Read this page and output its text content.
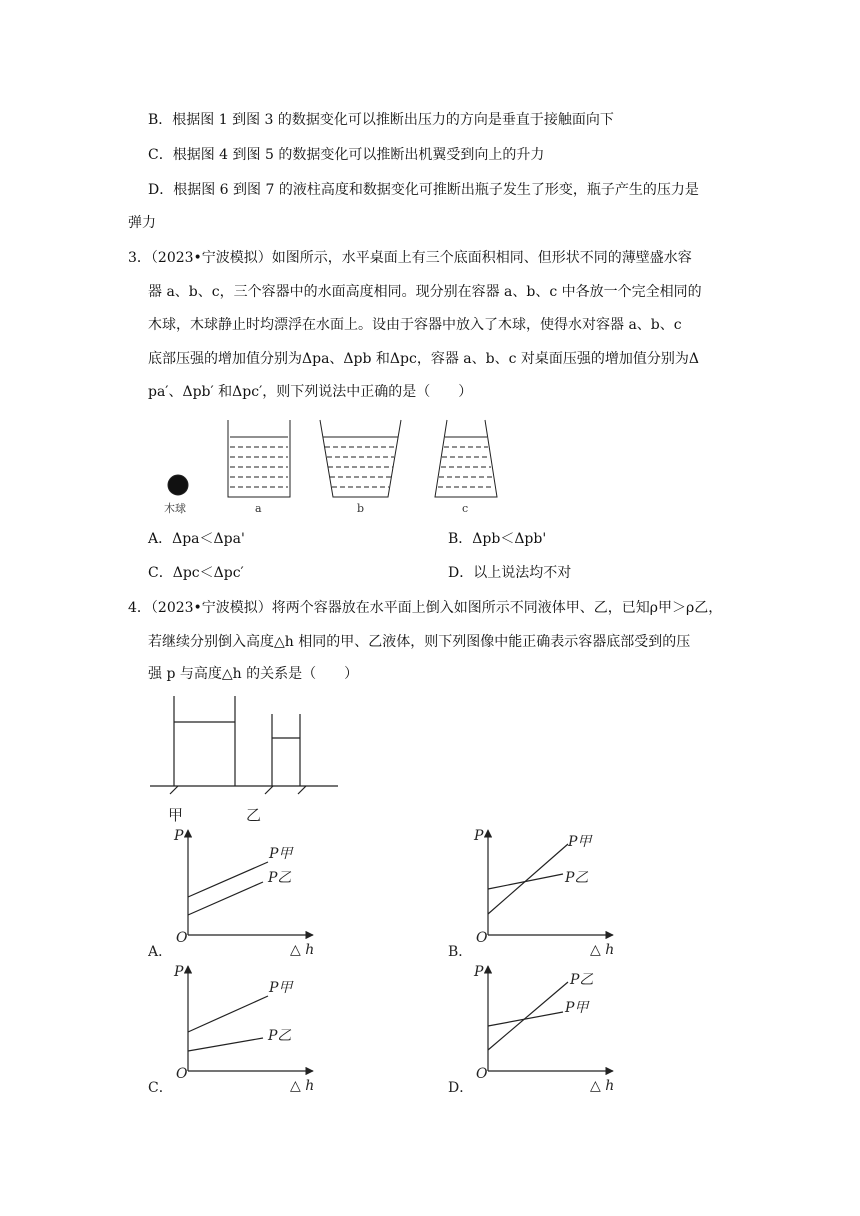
B．根据图 1 到图 3 的数据变化可以推断出压力的方向是垂直于接触面向下
C．根据图 4 到图 5 的数据变化可以推断出机翼受到向上的升力
D．根据图 6 到图 7 的液柱高度和数据变化可推断出瓶子发生了形变，瓶子产生的压力是
弹力
3．（2023•宁波模拟）如图所示，水平桌面上有三个底面积相同、但形状不同的薄壁盛水容
器 a、b、c，三个容器中的水面高度相同。现分别在容器 a、b、c 中各放一个完全相同的
木球，木球静止时均漂浮在水面上。设由于容器中放入了木球，使得水对容器 a、b、c
底部压强的增加值分别为Δpa、Δpb 和Δpc，容器 a、b、c 对桌面压强的增加值分别为Δ
pa′、Δpb′ 和Δpc′，则下列说法中正确的是（　　）
木球	a	b	c
A．Δpa＜Δpa'	B．Δpb＜Δpb'
C．Δpc＜Δpc′	D．以上说法均不对
4．（2023•宁波模拟）将两个容器放在水平面上倒入如图所示不同液体甲、乙，已知ρ甲＞ρ乙，
若继续分别倒入高度△h 相同的甲、乙液体，则下列图像中能正确表示容器底部受到的压
强 p 与高度△h 的关系是（　　）
甲	乙
P
O
△ h
P甲
P乙
A．
P
O
△ h
P甲
P乙
B．
P
O
△ h
P甲
P乙
C．
P
O
△ h
P乙
P甲
D．
